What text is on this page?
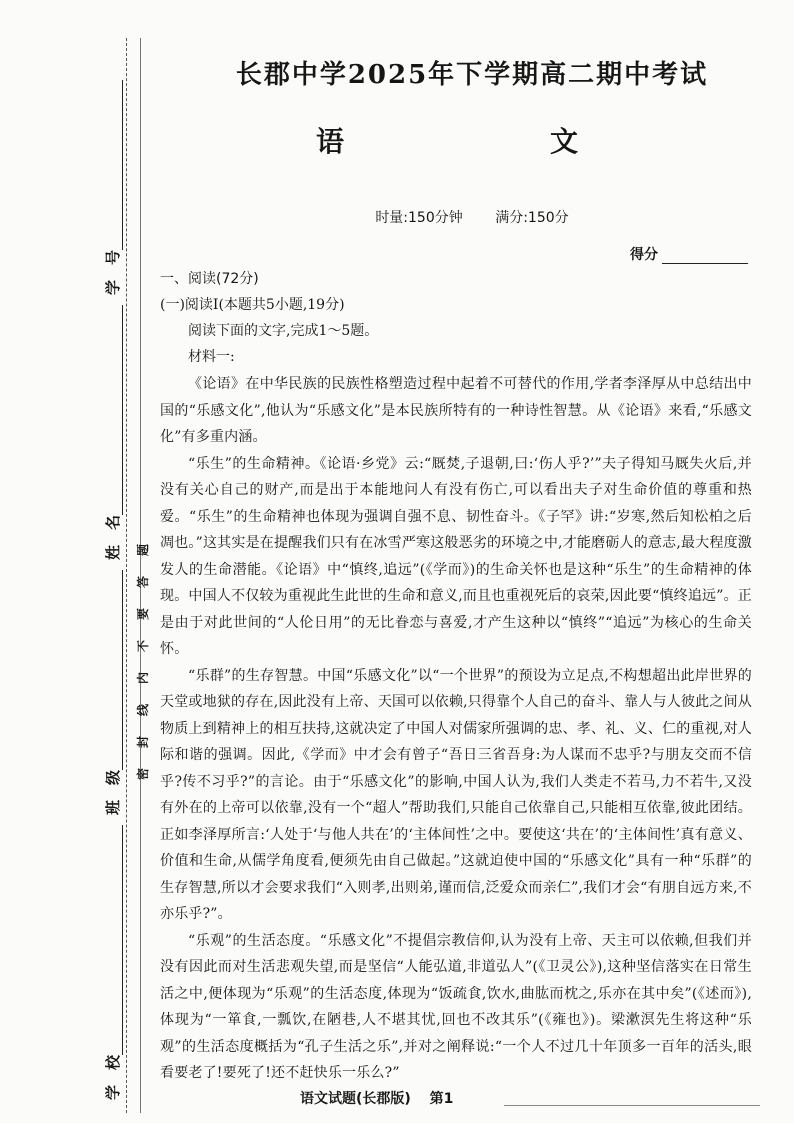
学　校
班　级
姓　名
学　号
密封线内不要答题
长郡中学2025年下学期高二期中考试
语　　文
时量:150分钟 满分:150分
得分
一、阅读(72分)
(一)阅读Ⅰ(本题共5小题,19分)
阅读下面的文字,完成1～5题。
材料一:

《论语》在中华民族的民族性格塑造过程中起着不可替代的作用,学者李泽厚从中总结出中国的“乐感文化”,他认为“乐感文化”是本民族所特有的一种诗性智慧。从《论语》来看,“乐感文化”有多重内涵。

“乐生”的生命精神。《论语·乡党》云:“厩焚,子退朝,曰:‘伤人乎?’”夫子得知马厩失火后,并没有关心自己的财产,而是出于本能地问人有没有伤亡,可以看出夫子对生命价值的尊重和热爱。“乐生”的生命精神也体现为强调自强不息、韧性奋斗。《子罕》讲:“岁寒,然后知松柏之后凋也。”这其实是在提醒我们只有在冰雪严寒这般恶劣的环境之中,才能磨砺人的意志,最大程度激发人的生命潜能。《论语》中“慎终,追远”(《学而》)的生命关怀也是这种“乐生”的生命精神的体现。中国人不仅较为重视此生此世的生命和意义,而且也重视死后的哀荣,因此要“慎终追远”。正是由于对此世间的“人伦日用”的无比眷恋与喜爱,才产生这种以“慎终”“追远”为核心的生命关怀。

“乐群”的生存智慧。中国“乐感文化”以“一个世界”的预设为立足点,不构想超出此岸世界的天堂或地狱的存在,因此没有上帝、天国可以依赖,只得靠个人自己的奋斗、靠人与人彼此之间从物质上到精神上的相互扶持,这就决定了中国人对儒家所强调的忠、孝、礼、义、仁的重视,对人际和谐的强调。因此,《学而》中才会有曾子“吾日三省吾身:为人谋而不忠乎?与朋友交而不信乎?传不习乎?”的言论。由于“乐感文化”的影响,中国人认为,我们人类走不若马,力不若牛,又没有外在的上帝可以依靠,没有一个“超人”帮助我们,只能自己依靠自己,只能相互依靠,彼此团结。正如李泽厚所言:‘人处于‘与他人共在’的‘主体间性’之中。要使这‘共在’的‘主体间性’真有意义、价值和生命,从儒学角度看,便须先由自己做起。”这就迫使中国的“乐感文化”具有一种“乐群”的生存智慧,所以才会要求我们“入则孝,出则弟,谨而信,泛爱众而亲仁”,我们才会“有朋自远方来,不亦乐乎?”。

“乐观”的生活态度。“乐感文化”不提倡宗教信仰,认为没有上帝、天主可以依赖,但我们并没有因此而对生活悲观失望,而是坚信“人能弘道,非道弘人”(《卫灵公》),这种坚信落实在日常生活之中,便体现为“乐观”的生活态度,体现为“饭疏食,饮水,曲肱而枕之,乐亦在其中矣”(《述而》),体现为“一箪食,一瓢饮,在陋巷,人不堪其忧,回也不改其乐”(《雍也》)。梁漱溟先生将这种“乐观”的生活态度概括为“孔子生活之乐”,并对之阐释说:“一个人不过几十年顶多一百年的活头,眼看要老了!要死了!还不赶快乐一乐么?”

语文试题(长郡版) 第1
